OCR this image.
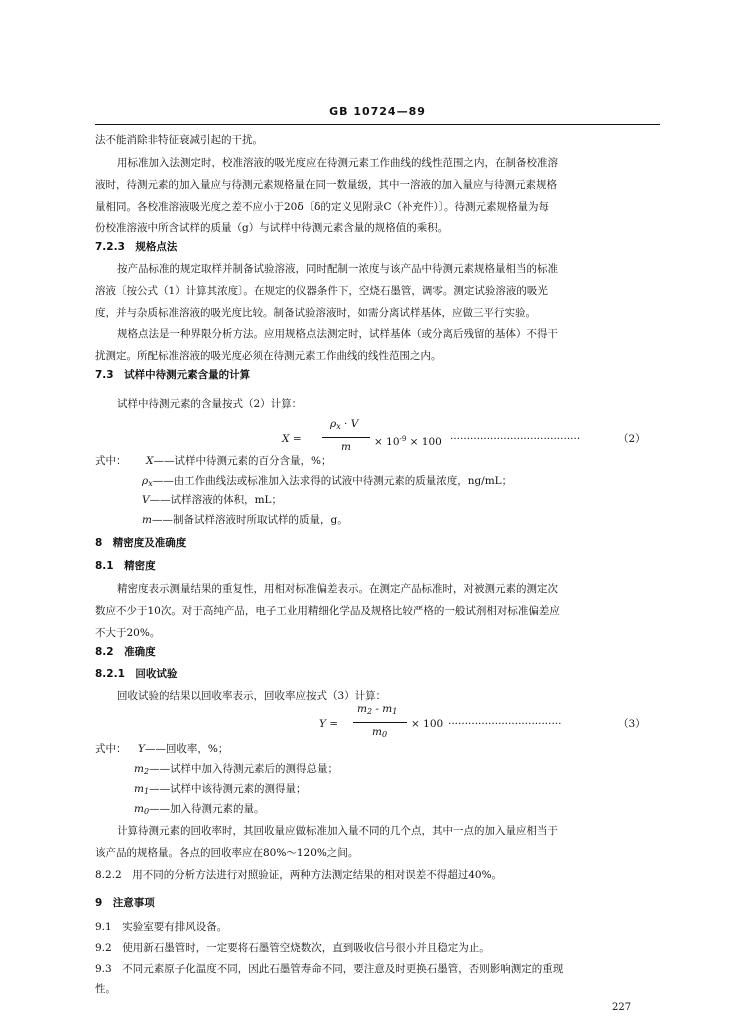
GB 10724—89
法不能消除非特征衰减引起的干扰。
用标准加入法测定时，校准溶液的吸光度应在待测元素工作曲线的线性范围之内，在制备校准溶
液时，待测元素的加入量应与待测元素规格量在同一数量级，其中一溶液的加入量应与待测元素规格
量相同。各校准溶液吸光度之差不应小于20δ〔δ的定义见附录C（补充件）〕。待测元素规格量为每
份校准溶液中所含试样的质量（g）与试样中待测元素含量的规格值的乘积。
7.2.3　规格点法
按产品标准的规定取样并制备试验溶液，同时配制一浓度与该产品中待测元素规格量相当的标准
溶液〔按公式（1）计算其浓度〕。在规定的仪器条件下，空烧石墨管，调零。测定试验溶液的吸光
度，并与杂质标准溶液的吸光度比较。制备试验溶液时，如需分离试样基体，应做三平行实验。
规格点法是一种界限分析方法。应用规格点法测定时，试样基体（或分离后残留的基体）不得干
扰测定。所配标准溶液的吸光度必须在待测元素工作曲线的线性范围之内。
7.3　试样中待测元素含量的计算
试样中待测元素的含量按式（2）计算：
X =
$\rho_x \cdot V$
$m \times 10^{-9} \times 100$ ·······································	（2）
式中： X——试样中待测元素的百分含量，%；
$\rho_x——$由工作曲线法或标准加入法求得的试液中待测元素的质量浓度，ng/mL；
V——试样溶液的体积，mL；
m——制备试样溶液时所取试样的质量，g。
8　精密度及准确度
8.1　精密度
精密度表示测量结果的重复性，用相对标准偏差表示。在测定产品标准时，对被测元素的测定次
数应不少于10次。对于高纯产品，电子工业用精细化学品及规格比较严格的一般试剂相对标准偏差应
不大于20%。
8.2　准确度
8.2.1　回收试验
回收试验的结果以回收率表示，回收率应按式（3）计算：
Y =
$m_2 - m_1$
$m_0$
× 100 ··································	（3）
式中： Y——回收率，%；
$m_2——$试样中加入待测元素后的测得总量；
$m_1——$试样中该待测元素的测得量；
$m_0——$加入待测元素的量。
计算待测元素的回收率时，其回收量应做标准加入量不同的几个点，其中一点的加入量应相当于
该产品的规格量。各点的回收率应在80%～120%之间。
8.2.2　用不同的分析方法进行对照验证，两种方法测定结果的相对误差不得超过40%。
9　注意事项
9.1　实验室要有排风设备。
9.2　使用新石墨管时，一定要将石墨管空烧数次，直到吸收信号很小并且稳定为止。
9.3　不同元素原子化温度不同，因此石墨管寿命不同，要注意及时更换石墨管，否则影响测定的重现
性。
227
